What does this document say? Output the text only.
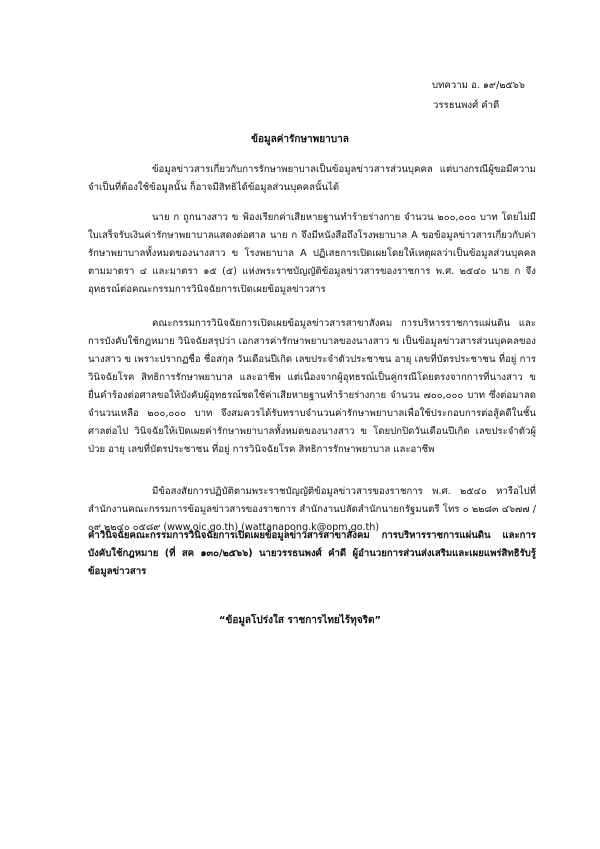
บทความ อ. ๑๙/๒๕๖๖
วรรธนพงศ์ คำดี
ข้อมูลค่ารักษาพยาบาล

ข้อมูลข่าวสารเกี่ยวกับการรักษาพยาบาลเป็นข้อมูลข่าวสารส่วนบุคคล แต่บางกรณีผู้ขอมีความจำเป็นที่ต้องใช้ข้อมูลนั้น ก็อาจมีสิทธิได้ข้อมูลส่วนบุคคลนั้นได้

นาย ก ถูกนางสาว ข ฟ้องเรียกค่าเสียหายฐานทำร้ายร่างกาย จำนวน ๒๐๐,๐๐๐ บาท โดยไม่มีใบเสร็จรับเงินค่ารักษาพยาบาลแสดงต่อศาล นาย ก จึงมีหนังสือถึงโรงพยาบาล A ขอข้อมูลข่าวสารเกี่ยวกับค่ารักษาพยาบาลทั้งหมดของนางสาว ข โรงพยาบาล A ปฏิเสธการเปิดเผยโดยให้เหตุผลว่าเป็นข้อมูลส่วนบุคคล ตามมาตรา ๔ และมาตรา ๑๕ (๕) แห่งพระราชบัญญัติข้อมูลข่าวสารของราชการ พ.ศ. ๒๕๔๐ นาย ก จึงอุทธรณ์ต่อคณะกรรมการวินิจฉัยการเปิดเผยข้อมูลข่าวสาร

คณะกรรมการวินิจฉัยการเปิดเผยข้อมูลข่าวสารสาขาสังคม การบริหารราชการแผ่นดิน และการบังคับใช้กฎหมาย วินิจฉัยสรุปว่า เอกสารค่ารักษาพยาบาลของนางสาว ข เป็นข้อมูลข่าวสารส่วนบุคคลของนางสาว ข เพราะปรากฏชื่อ ชื่อสกุล วันเดือนปีเกิด เลขประจำตัวประชาชน อายุ เลขที่บัตรประชาชน ที่อยู่ การวินิจฉัยโรค สิทธิการรักษาพยาบาล และอาชีพ แต่เนื่องจากผู้อุทธรณ์เป็นคู่กรณีโดยตรงจากการที่นางสาว ข ยื่นคำร้องต่อศาลขอให้บังคับผู้อุทธรณ์ชดใช้ค่าเสียหายฐานทำร้ายร่างกาย จำนวน ๗๐๐,๐๐๐ บาท ซึ่งต่อมาลดจำนวนเหลือ ๒๐๐,๐๐๐ บาท จึงสมควรได้รับทราบจำนวนค่ารักษาพยาบาลเพื่อใช้ประกอบการต่อสู้คดีในชั้นศาลต่อไป วินิจฉัยให้เปิดเผยค่ารักษาพยาบาลทั้งหมดของนางสาว ข โดยปกปิดวันเดือนปีเกิด เลขประจำตัวผู้ป่วย อายุ เลขที่บัตรประชาชน ที่อยู่ การวินิจฉัยโรค สิทธิการรักษาพยาบาล และอาชีพ

มีข้อสงสัยการปฏิบัติตามพระราชบัญญัติข้อมูลข่าวสารของราชการ พ.ศ. ๒๕๔๐ หารือไปที่ สำนักงานคณะกรรมการข้อมูลข่าวสารของราชการ สำนักงานปลัดสำนักนายกรัฐมนตรี โทร ๐ ๒๒๘๓ ๔๖๗๗ / ๐๙ ๒๒๔๐ ๐๕๘๙ (www.oic.go.th) (wattanapong.k@opm.go.th)

คำวินิจฉัยคณะกรรมการวินิจฉัยการเปิดเผยข้อมูลข่าวสารสาขาสังคม การบริหารราชการแผ่นดิน และการบังคับใช้กฎหมาย (ที่ สค ๑๓๐/๒๕๖๖) นายวรรธนพงศ์ คำดี ผู้อำนวยการส่วนส่งเสริมและเผยแพร่สิทธิรับรู้ข้อมูลข่าวสาร

“ข้อมูลโปร่งใส ราชการไทยไร้ทุจริต”
